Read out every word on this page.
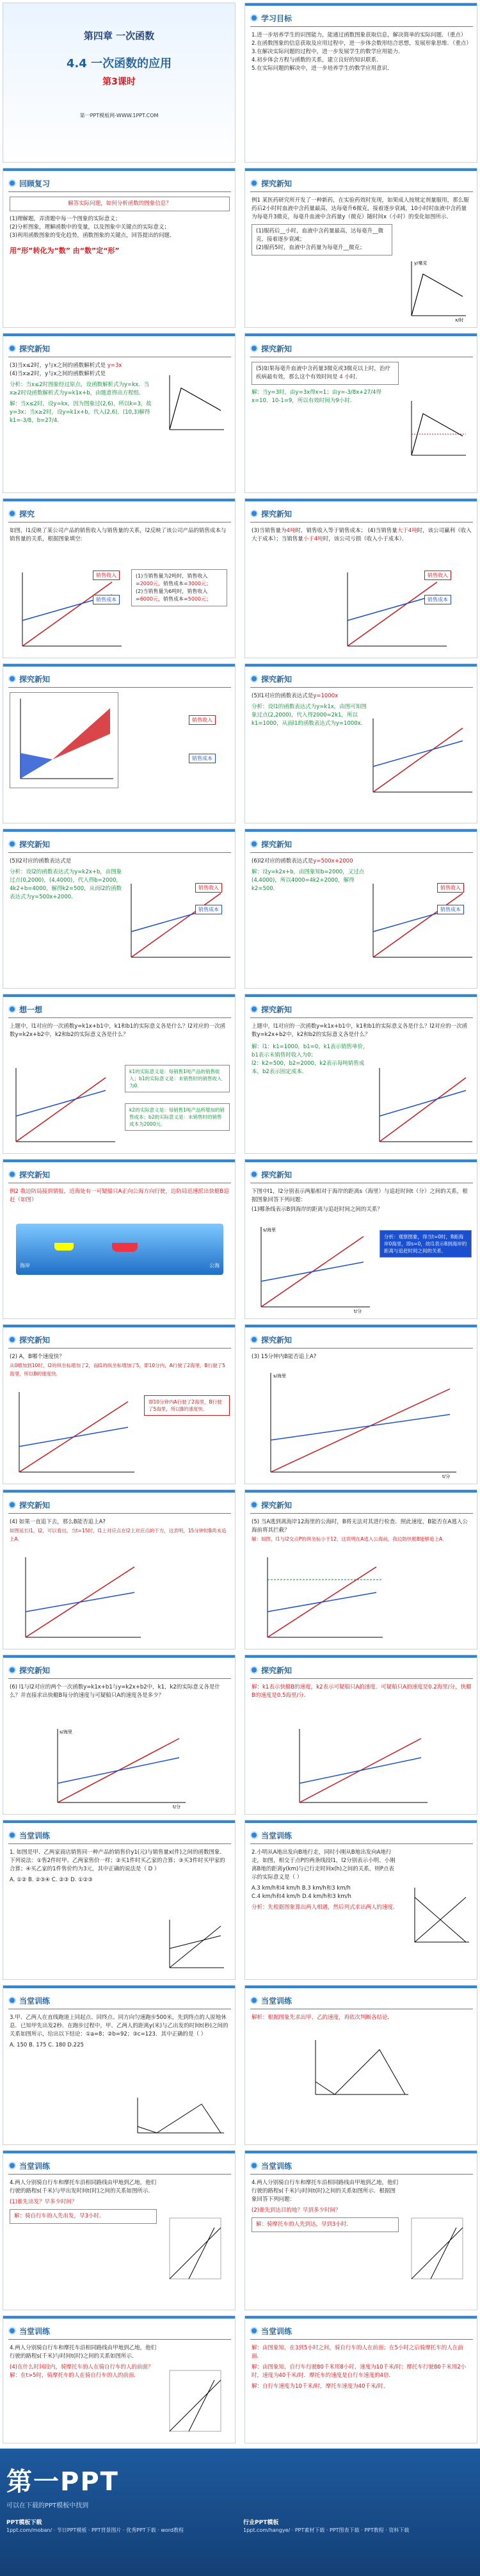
第四章 一次函数
4.4 一次函数的应用
第3课时
第一PPT模板网-WWW.1PPT.COM
学习目标
1.进一步培养学生的识图能力，能通过函数图象获取信息，解决简单的实际问题．（重点）
2.在函数图象的信息获取及应用过程中，进一步体会数形结合思想，发展形象思维．（重点）
3.在解决实际问题的过程中，进一步发展学生的数学应用能力．
4.初步体会方程与函数的关系，建立良好的知识联系．
5.在实际问题的解决中，进一步培养学生的数学应用意识．
回顾复习
解答实际问题，如何分析函数的图象信息？
(1)理解题，弄清题中每一个图象的实际意义；
(2)分析图象，理解函数中的变量，以及图象中关键点的实际意义；
(3)利用函数图象的变化趋势，函数图象的关键点，回答提出的问题．
用“形”转化为“数” 由“数”定“形”
探究新知
例1 某医药研究所开发了一种新药，在实验药效时发现，如果成人按规定剂量服用，那么服药后2小时时血液中含药量最高，达每毫升6微克，接着逐步衰减，10小时时血液中含药量为每毫升3微克，每毫升血液中含药量y（微克）随时间x（小时）的变化如图所示．
(1)服药后__小时，血液中含药量最高，达每毫升__微克，接着逐步衰减；
(2)服药5时，血液中含药量为每毫升__微克；
y/毫克
x/时
探究新知
(3)当x≤2时，y与x之间的函数解析式是 y=3x
(4)当x≥2时，y与x之间的函数解析式是
分析：当x≤2时图象经过原点，设函数解析式为y=kx．当x≥2时设函数解析式为y=k1x+b，由题意得出方程组．
解：当x≤2时，设y=kx，因为图象过(2,6)，所以k=3，故y=3x；当x≥2时，设y=k1x+b，代入(2,6)，(10,3)解得k1=-3/8，b=27/4．
探究新知
(5)如果每毫升血液中含药量3微克或3微克以上时，治疗疾病最有效，那么这个有效时间是 4 小时．
解：当y=3时，由y=3x得x=1；由y=-3/8x+27/4得x=10．10-1=9，所以有效时间为9小时．
探究
如图，l1反映了某公司产品的销售收入与销售量的关系，l2反映了该公司产品的销售成本与销售量的关系，根据图象填空:
(1)当销售量为2吨时，销售收入=2000元，销售成本=3000元；
(2)当销售量为6吨时，销售收入=6000元，销售成本=5000元；
销售收入
销售成本
探究新知
(3)当销售量为4吨时，销售收入等于销售成本； (4)当销售量大于4吨时，该公司赢利（收入大于成本）；当销售量小于4吨时，该公司亏损（收入小于成本）．
销售收入
销售成本
探究新知
销售收入
销售成本
探究新知
(5)l1对应的函数表达式是y=1000x
分析：设l1的函数表达式为y=k1x，由图可知图象过点(2,2000)，代入得2000=2k1，所以k1=1000，从而l1的函数表达式为y=1000x．
探究新知
(5)l2对应的函数表达式是
分析：设l2的函数表达式为y=k2x+b，由图象过点(0,2000)，(4,4000)，代入得b=2000，4k2+b=4000，解得k2=500，从而l2的函数表达式为y=500x+2000．
销售收入
销售成本
探究新知
(6)l2对应的函数表达式是y=500x+2000
解：设y=k2x+b，由图象知b=2000，又过点(4,4000)，所以4000=4k2+2000，解得k2=500．	销售收入
销售成本
想一想
上题中，l1对应的一次函数y=k1x+b1中，k1和b1的实际意义各是什么？l2对应的一次函数y=k2x+b2中，k2和b2的实际意义各是什么？
k1的实际意义是：每销售1吨产品的销售收入；b1的实际意义是：未销售时的销售收入为0．
k2的实际意义是：每销售1吨产品所增加的销售成本；b2的实际意义是：未销售时的销售成本为2000元．
探究新知
上题中，l1对应的一次函数y=k1x+b1中，k1和b1的实际意义各是什么？l2对应的一次函数y=k2x+b2中，k2和b2的实际意义各是什么？
解：l1：k1=1000，b1=0，k1表示销售单价，b1表示未销售时收入为0；
l2：k2=500，b2=2000，k2表示每吨销售成本，b2表示固定成本．
探究新知
例2 我边防局接到情报，近海处有一可疑船只A正向公海方向行驶，边防局迅速派出快艇B追赶（如图）
海岸	公海
探究新知
下图中l1，l2分别表示两船相对于海岸的距离s（海里）与追赶时间t（分）之间的关系，根据图象回答下列问题：
(1)哪条线表示B到海岸的距离与追赶时间之间的关系？
s/海里
t/分
分析：观察图象，得当t=0时，B距海岸0海里，即s=0，故l1表示B到海岸的距离与追赶时间之间的关系．
探究新知
(2) A，B哪个速度快？
从0增加到10时，l2的纵坐标增加了2，而l1的纵坐标增加了5，即10分内，A行驶了2海里，B行驶了5海里，所以B的速度快．
即10分钟内A行驶了2海里，B行驶了5海里，所以B的速度快．
探究新知
(3) 15分钟内B能否追上A?
s/海里
t/分
探究新知
(4) 如果一直追下去，那么B能否追上A?
如图延长l1，l2，可以看出，当t=15时，l1上对应点在l2上对应点的下方，这表明，15分钟时B尚未追上A．
探究新知
(5) 当A逃到离海岸12海里的公海时，B将无法对其进行检查．照此速度，B能否在A逃入公海前将其拦截？
解：如图，l1与l2交点P的纵坐标小于12，这说明在A逃入公海前，我边防快艇B能够追上A．
探究新知
(6) l1与l2对应的两个一次函数y=k1x+b1与y=k2x+b2中，k1，k2的实际意义各是什么？并直接求出快艇B每分的速度与可疑船只A的速度各是多少？
s/海里
t/分
探究新知
解：k1表示快艇B的速度，k2表示可疑船只A的速度．可疑船只A的速度是0.2海里/分，快艇B的速度是0.5海里/分．
当堂训练
1. 如图是甲、乙两家商店销售同一种产品的销售价y1(元)与销售量x(件)之间的函数图象．下列说法：①售2件时甲、乙两家售价一样；②买1件时买乙家的合算；③买3件时买甲家的合算；④买乙家的1件售价约为3元，其中正确的说法是（ D ）
A. ①② B. ②③④ C. ②③ D. ①②③
当堂训练
2.小明从A地出发向B地行走，同时小刚从B地出发向A地行走，如图，相交于点P的两条线段l1，l2分别表示小明、小刚离B地的距离y(km)与已行走时间x(h)之间的关系，则P点表示的实际意义是（ ）
A.3 km/h和4 km/h B.3 km/h和3 km/h
C.4 km/h和4 km/h D.4 km/h和3 km/h
分析：先根据图象算出两人相遇，然后列式求出两人的速度．
当堂训练
3.甲、乙两人在直线跑道上同起点、同终点、同方向匀速跑步500米，先到终点的人原地休息．已知甲先出发2秒．在跑步过程中，甲、乙两人的距离y(米)与乙出发的时间t(秒)之间的关系如图所示，给出以下结论：①a=8；②b=92；③c=123．其中正确的是（ ）
A. 150 B. 175 C. 180 D.225
当堂训练
解析：根据图象先求出甲、乙的速度，再依次判断各结论．
当堂训练
4.两人分别骑自行车和摩托车沿相同路线由甲地到乙地，他们行驶的路程s(千米)与甲出发时间t(时)之间的关系如图所示．
(1)谁先出发？早多少时间？
解：骑自行车的人先出发，早3小时．
当堂训练
4.两人分别骑自行车和摩托车沿相同路线由甲地到乙地，他们行驶的路程s(千米)与时间t(时)之间的关系如图所示．根据图象回答下列问题：
(2)谁先到达目的地？早到多少时间？
解：骑摩托车的人先到达，早到3小时．
当堂训练
4.两人分别骑自行车和摩托车沿相同路线由甲地到乙地，他们行驶的路程s(千米)与时间t(时)之间的关系如图所示．
(4)在什么时间段内，骑摩托车的人在骑自行车的人的前面？
解：在t>5时，骑摩托车的人在骑自行车的人的前面．
当堂训练
解：由图象知，在3到5小时之间，骑自行车的人在前面；在5小时之后骑摩托车的人在前面．
解：由图象知，自行车行驶80千米用8小时，速度为10千米/时；摩托车行驶80千米用2小时，速度为40千米/时．摩托车的速度是自行车速度的4倍．
解：自行车速度为10千米/时，摩托车速度为40千米/时．
第一PPT
可以在下载的PPT模板中找到
PPT模板下载
1ppt.com/moban/ · 节日PPT模板 · PPT背景图片 · 优秀PPT下载 · word教程
行业PPT模板
1ppt.com/hangye/ · PPT素材下载 · PPT图表下载 · PPT教程 · 资料下载
